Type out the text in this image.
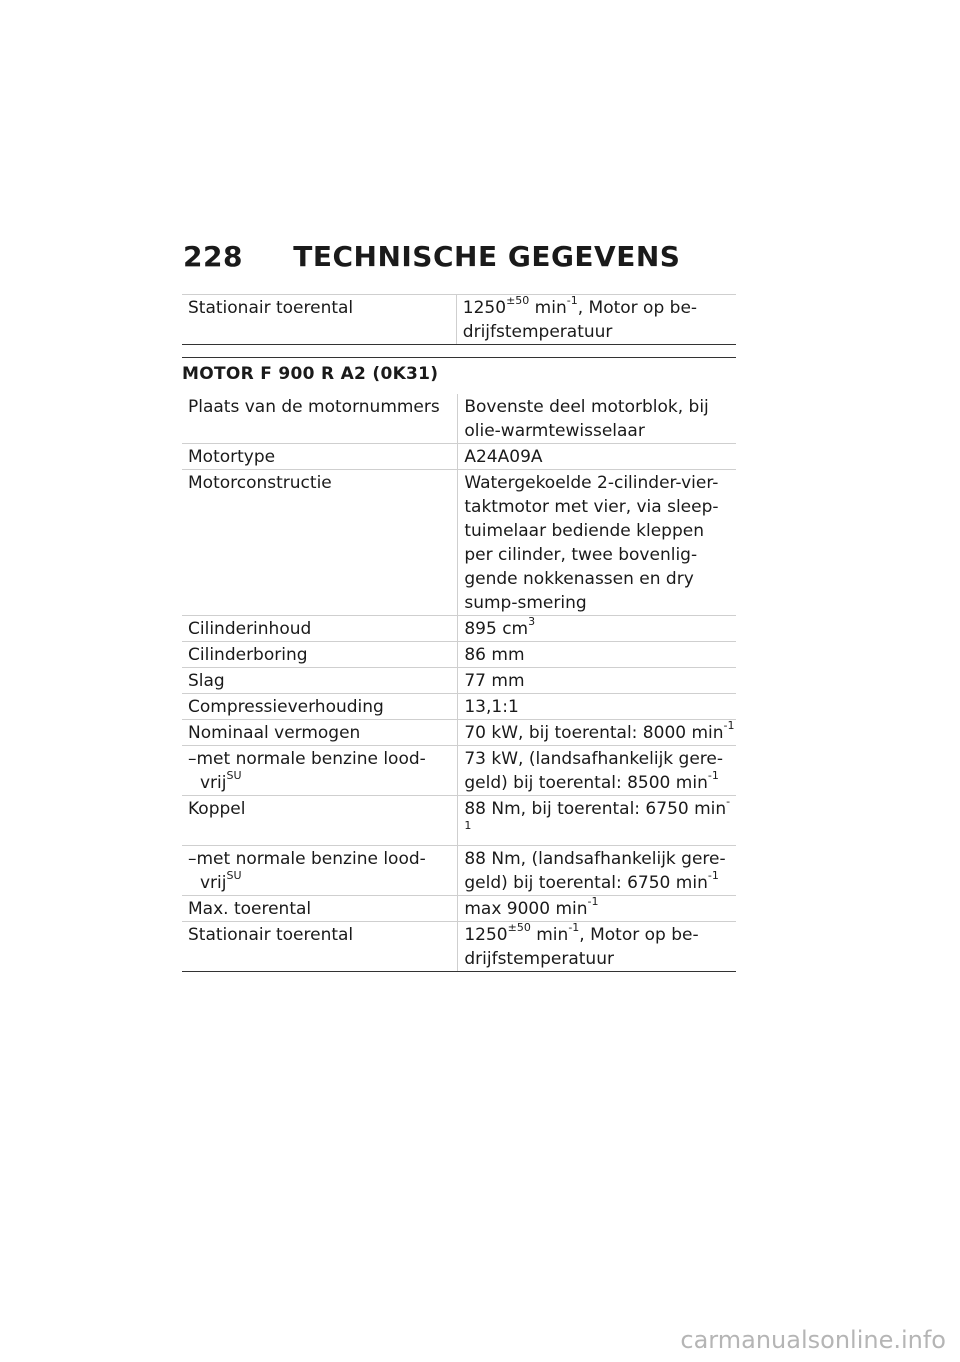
228 TECHNISCHE GEGEVENS
Stationair toerental	$1250^{\pm 50}$ $\min^{-1}$, Motor op be-drijfstemperatuur
MOTOR F 900 R A2 (0K31)
Plaats van de motornummers	Bovenste deel motorblok, bij olie-warmtewisselaar
Motortype	A24A09A
Motorconstructie	Watergekoelde 2-cilinder-vier-taktmotor met vier, via sleep-tuimelaar bediende kleppen per cilinder, twee bovenlig-gende nokkenassen en dry sump-smering
Cilinderinhoud	895 $cm^3$
Cilinderboring	86 mm
Slag	77 mm
Compressieverhouding	13,1:1
Nominaal vermogen	70 kW, bij toerental: 8000 $\min^{-1}$

–met normale benzine lood-vrij$^{SU}$	73 kW, (landsafhankelijk gere-geld) bij toerental: 8500 $\min^{-1}$
Koppel	88 Nm, bij toerental: 6750 $\min^{-1}$

–met normale benzine lood-vrij$^{SU}$	88 Nm, (landsafhankelijk gere-geld) bij toerental: 6750 $\min^{-1}$
Max. toerental	max 9000 $\min^{-1}$
Stationair toerental	$1250^{\pm 50}$ $\min^{-1}$, Motor op be-drijfstemperatuur
carmanualsonline.info
